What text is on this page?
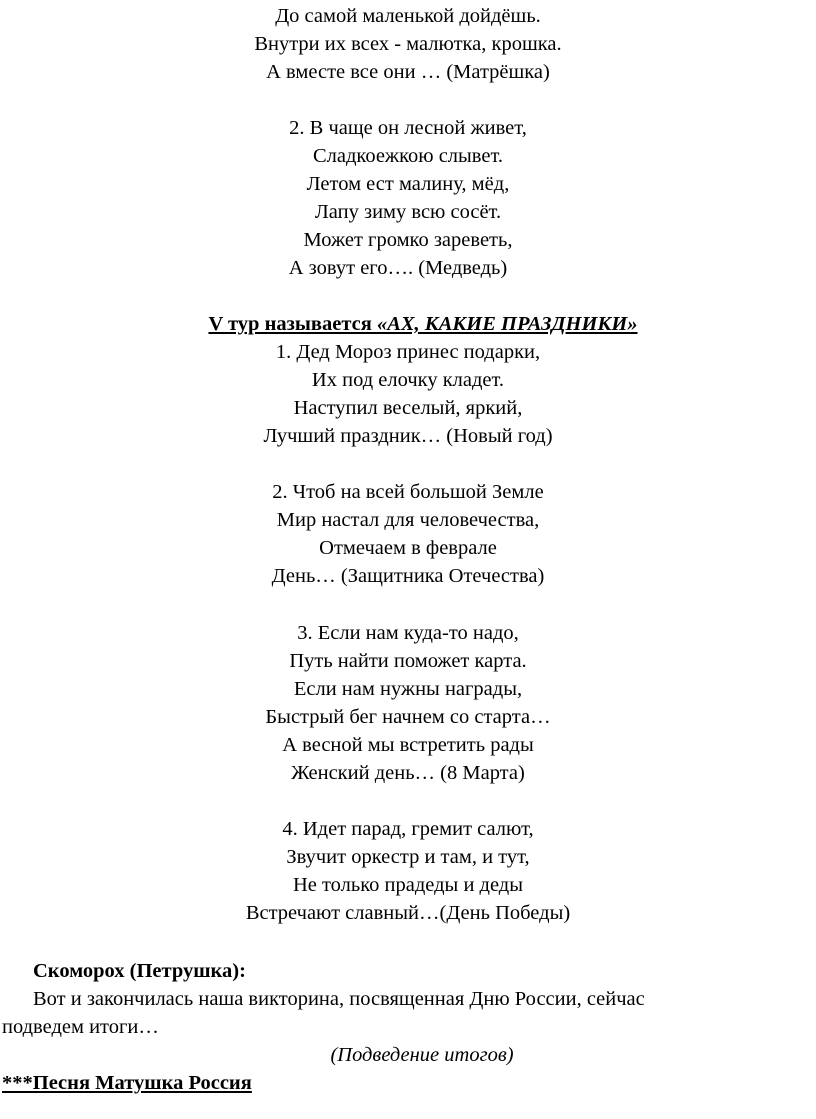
До самой маленькой дойдёшь.
Внутри их всех - малютка, крошка.
А вместе все они … (Матрёшка)
2. В чаще он лесной живет,
Сладкоежкою слывет.
Летом ест малину, мёд,
Лапу зиму всю сосёт.
Может громко зареветь,
А зовут его…. (Медведь)
V тур называется «АХ, КАКИЕ ПРАЗДНИКИ»
1. Дед Мороз принес подарки,
Их под елочку кладет.
Наступил веселый, яркий,
Лучший праздник… (Новый год)
2. Чтоб на всей большой Земле
Мир настал для человечества,
Отмечаем в феврале
День… (Защитника Отечества)
3. Если нам куда-то надо,
Путь найти поможет карта.
Если нам нужны награды,
Быстрый бег начнем со старта…
А весной мы встретить рады
Женский день… (8 Марта)
4. Идет парад, гремит салют,
Звучит оркестр и там, и тут,
Не только прадеды и деды
Встречают славный…(День Победы)
Скоморох (Петрушка):
Вот и закончилась наша викторина, посвященная Дню России, сейчас
подведем итоги…
(Подведение итогов)
***Песня Матушка Россия
